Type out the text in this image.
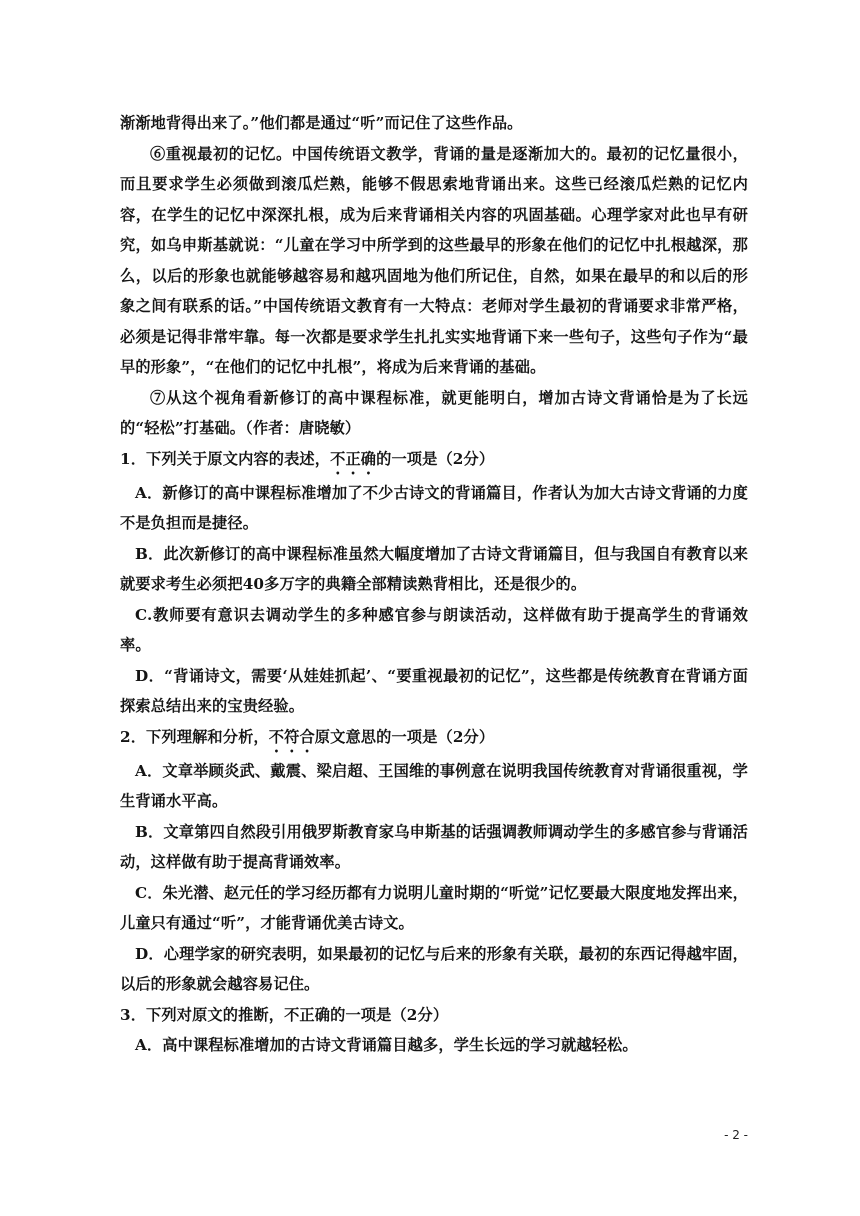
渐渐地背得出来了。”他们都是通过“听”而记住了这些作品。

⑥重视最初的记忆。中国传统语文教学，背诵的量是逐渐加大的。最初的记忆量很小，而且要求学生必须做到滚瓜烂熟，能够不假思索地背诵出来。这些已经滚瓜烂熟的记忆内容，在学生的记忆中深深扎根，成为后来背诵相关内容的巩固基础。心理学家对此也早有研究，如乌申斯基就说：“儿童在学习中所学到的这些最早的形象在他们的记忆中扎根越深，那么，以后的形象也就能够越容易和越巩固地为他们所记住，自然，如果在最早的和以后的形象之间有联系的话。”中国传统语文教育有一大特点：老师对学生最初的背诵要求非常严格，必须是记得非常牢靠。每一次都是要求学生扎扎实实地背诵下来一些句子，这些句子作为“最早的形象”，“在他们的记忆中扎根”，将成为后来背诵的基础。

⑦从这个视角看新修订的高中课程标准，就更能明白，增加古诗文背诵恰是为了长远的“轻松”打基础。（作者：唐晓敏）

1．下列关于原文内容的表述，不正确的一项是（2分）

A．新修订的高中课程标准增加了不少古诗文的背诵篇目，作者认为加大古诗文背诵的力度不是负担而是捷径。

B．此次新修订的高中课程标准虽然大幅度增加了古诗文背诵篇目，但与我国自有教育以来就要求考生必须把40多万字的典籍全部精读熟背相比，还是很少的。

C.教师要有意识去调动学生的多种感官参与朗读活动，这样做有助于提高学生的背诵效率。

D．“背诵诗文，需要‘从娃娃抓起’、“要重视最初的记忆”，这些都是传统教育在背诵方面探索总结出来的宝贵经验。

2．下列理解和分析，不符合原文意思的一项是（2分）

A．文章举顾炎武、戴震、梁启超、王国维的事例意在说明我国传统教育对背诵很重视，学生背诵水平高。

B．文章第四自然段引用俄罗斯教育家乌申斯基的话强调教师调动学生的多感官参与背诵活动，这样做有助于提高背诵效率。

C．朱光潜、赵元任的学习经历都有力说明儿童时期的“听觉”记忆要最大限度地发挥出来，儿童只有通过“听”，才能背诵优美古诗文。

D．心理学家的研究表明，如果最初的记忆与后来的形象有关联，最初的东西记得越牢固，以后的形象就会越容易记住。

3．下列对原文的推断，不正确的一项是（2分）

A．高中课程标准增加的古诗文背诵篇目越多，学生长远的学习就越轻松。

- 2 -
